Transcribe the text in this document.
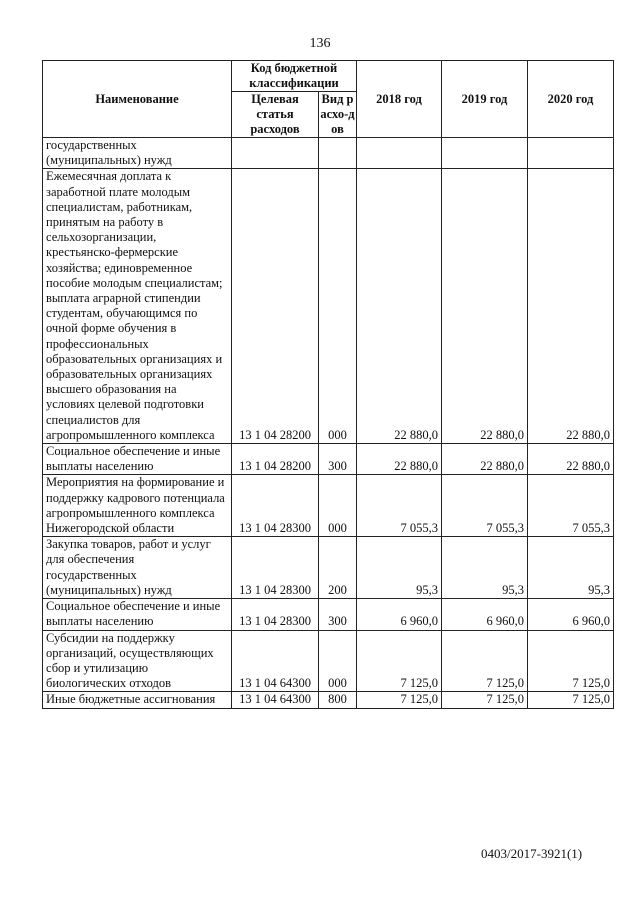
136
Наименование	Код бюджетной классификации		2018 год	2019 год	2020 год
	Целевая статья расходов	Вид расхо-дов			
государственных (муниципальных) нужд					
Ежемесячная доплата к заработной плате молодым специалистам, работникам, принятым на работу в сельхозорганизации, крестьянско-фермерские хозяйства; единовременное пособие молодым специалистам; выплата аграрной стипендии студентам, обучающимся по очной форме обучения в профессиональных образовательных организациях и образовательных организациях высшего образования на условиях целевой подготовки специалистов для агропромышленного комплекса	13 1 04 28200	000	22 880,0	22 880,0	22 880,0
Социальное обеспечение и иные выплаты населению	13 1 04 28200	300	22 880,0	22 880,0	22 880,0
Мероприятия на формирование и поддержку кадрового потенциала агропромышленного комплекса Нижегородской области	13 1 04 28300	000	7 055,3	7 055,3	7 055,3
Закупка товаров, работ и услуг для обеспечения государственных (муниципальных) нужд	13 1 04 28300	200	95,3	95,3	95,3
Социальное обеспечение и иные выплаты населению	13 1 04 28300	300	6 960,0	6 960,0	6 960,0
Субсидии на поддержку организаций, осуществляющих сбор и утилизацию биологических отходов	13 1 04 64300	000	7 125,0	7 125,0	7 125,0
Иные бюджетные ассигнования	13 1 04 64300	800	7 125,0	7 125,0	7 125,0
0403/2017-3921(1)
